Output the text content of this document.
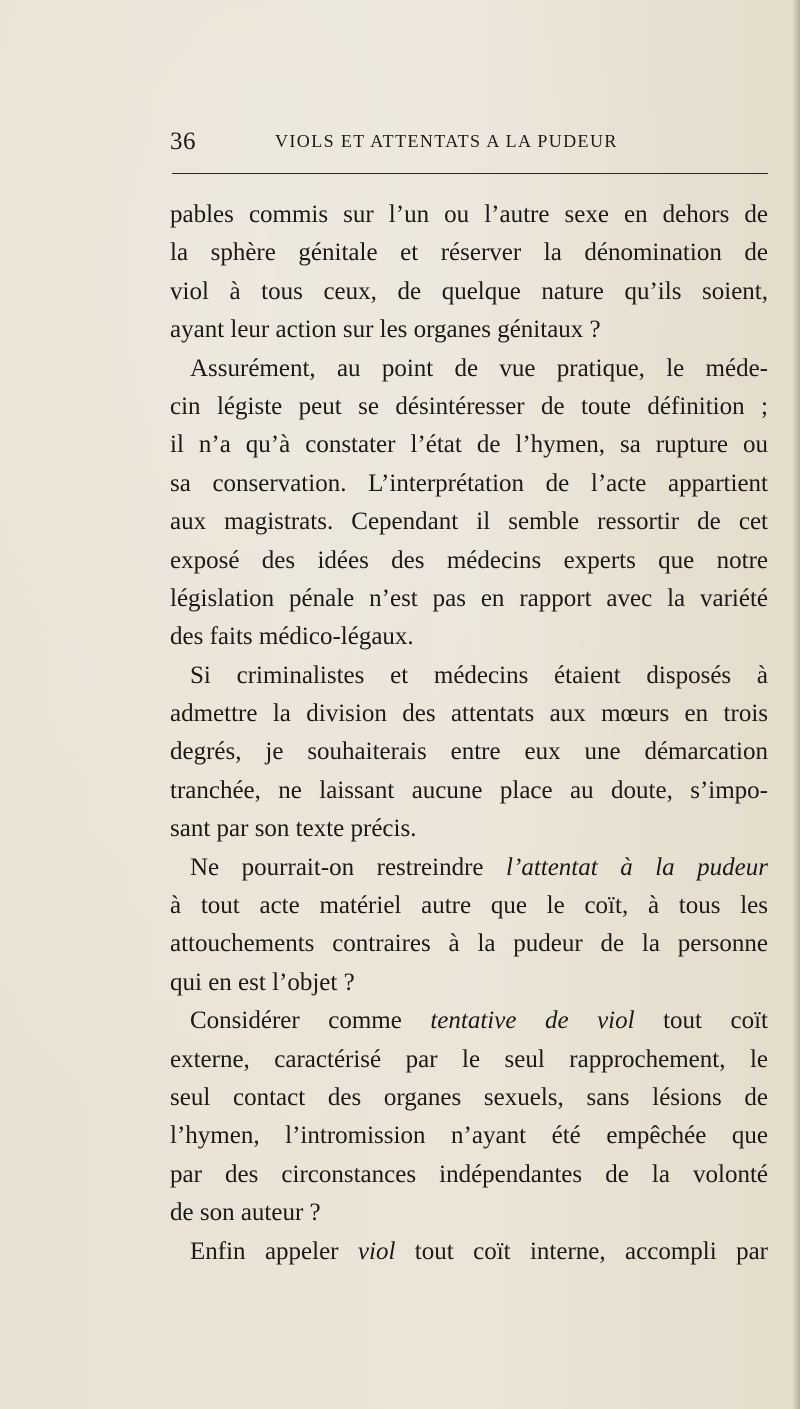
36	VIOLS ET ATTENTATS A LA PUDEUR
pables commis sur l’un ou l’autre sexe en dehors de
la sphère génitale et réserver la dénomination de
viol à tous ceux, de quelque nature qu’ils soient,
ayant leur action sur les organes génitaux ?
Assurément, au point de vue pratique, le méde-
cin légiste peut se désintéresser de toute définition ;
il n’a qu’à constater l’état de l’hymen, sa rupture ou
sa conservation. L’interprétation de l’acte appartient
aux magistrats. Cependant il semble ressortir de cet
exposé des idées des médecins experts que notre
législation pénale n’est pas en rapport avec la variété
des faits médico-légaux.
Si criminalistes et médecins étaient disposés à
admettre la division des attentats aux mœurs en trois
degrés, je souhaiterais entre eux une démarcation
tranchée, ne laissant aucune place au doute, s’impo-
sant par son texte précis.
Ne pourrait-on restreindre l’attentat à la pudeur
à tout acte matériel autre que le coït, à tous les
attouchements contraires à la pudeur de la personne
qui en est l’objet ?
Considérer comme tentative de viol tout coït
externe, caractérisé par le seul rapprochement, le
seul contact des organes sexuels, sans lésions de
l’hymen, l’intromission n’ayant été empêchée que
par des circonstances indépendantes de la volonté
de son auteur ?
Enfin appeler viol tout coït interne, accompli par
